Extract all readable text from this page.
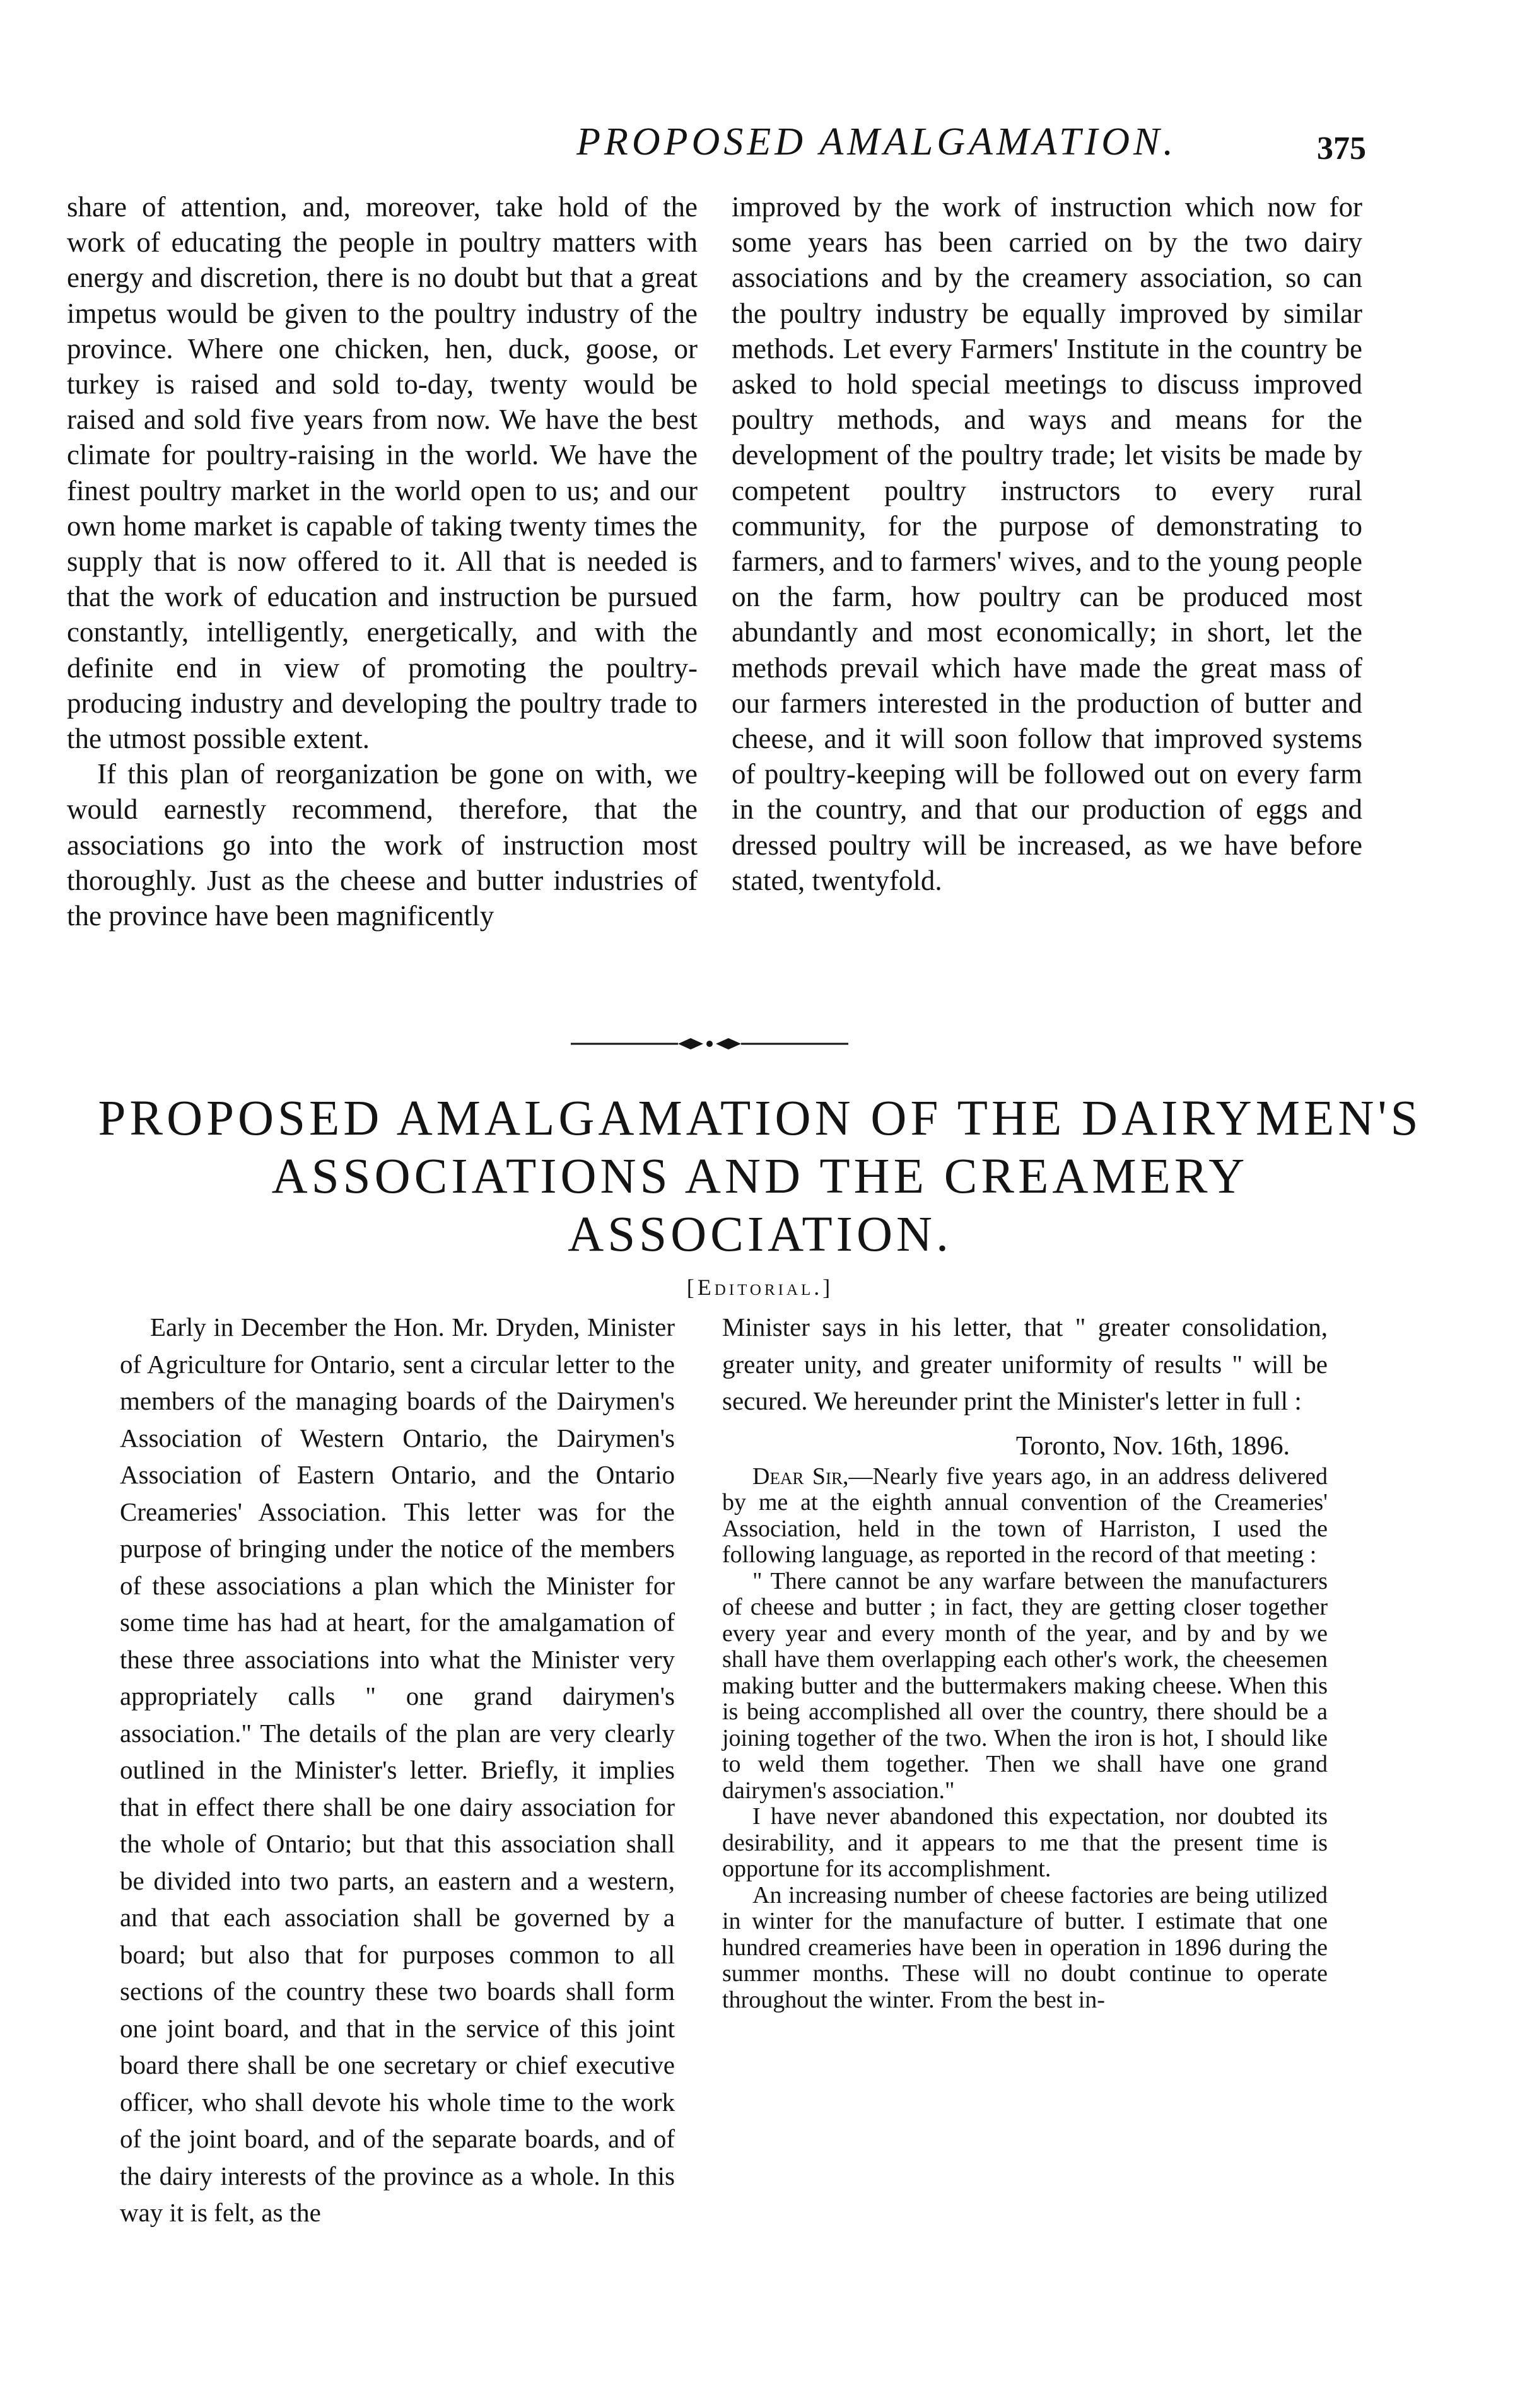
PROPOSED AMALGAMATION.	375

share of attention, and, moreover, take hold of the work of educating the people in poultry matters with energy and discretion, there is no doubt but that a great impetus would be given to the poultry industry of the province. Where one chicken, hen, duck, goose, or turkey is raised and sold to-day, twenty would be raised and sold five years from now. We have the best climate for poultry-raising in the world. We have the finest poultry market in the world open to us; and our own home market is capable of taking twenty times the supply that is now offered to it. All that is needed is that the work of education and instruction be pursued constantly, intelligently, energetically, and with the definite end in view of promoting the poultry-producing industry and developing the poultry trade to the utmost possible extent.

If this plan of reorganization be gone on with, we would earnestly recommend, therefore, that the associations go into the work of instruction most thoroughly. Just as the cheese and butter industries of the province have been magnificently

improved by the work of instruction which now for some years has been carried on by the two dairy associations and by the creamery association, so can the poultry industry be equally improved by similar methods. Let every Farmers' Institute in the country be asked to hold special meetings to discuss improved poultry methods, and ways and means for the development of the poultry trade; let visits be made by competent poultry instructors to every rural community, for the purpose of demonstrating to farmers, and to farmers' wives, and to the young people on the farm, how poultry can be produced most abundantly and most economically; in short, let the methods prevail which have made the great mass of our farmers interested in the production of butter and cheese, and it will soon follow that improved systems of poultry-keeping will be followed out on every farm in the country, and that our production of eggs and dressed poultry will be increased, as we have before stated, twentyfold.

PROPOSED AMALGAMATION OF THE DAIRYMEN'S ASSOCIATIONS AND THE CREAMERY ASSOCIATION.
[Editorial.]

Early in December the Hon. Mr. Dryden, Minister of Agriculture for Ontario, sent a circular letter to the members of the managing boards of the Dairymen's Association of Western Ontario, the Dairymen's Association of Eastern Ontario, and the Ontario Creameries' Association. This letter was for the purpose of bringing under the notice of the members of these associations a plan which the Minister for some time has had at heart, for the amalgamation of these three associations into what the Minister very appropriately calls " one grand dairymen's association." The details of the plan are very clearly outlined in the Minister's letter. Briefly, it implies that in effect there shall be one dairy association for the whole of Ontario; but that this association shall be divided into two parts, an eastern and a western, and that each association shall be governed by a board; but also that for purposes common to all sections of the country these two boards shall form one joint board, and that in the service of this joint board there shall be one secretary or chief executive officer, who shall devote his whole time to the work of the joint board, and of the separate boards, and of the dairy interests of the province as a whole. In this way it is felt, as the

Minister says in his letter, that " greater consolidation, greater unity, and greater uniformity of results " will be secured. We hereunder print the Minister's letter in full :

Toronto, Nov. 16th, 1896.

Dear Sir,—Nearly five years ago, in an address delivered by me at the eighth annual convention of the Creameries' Association, held in the town of Harriston, I used the following language, as reported in the record of that meeting :

" There cannot be any warfare between the manufacturers of cheese and butter ; in fact, they are getting closer together every year and every month of the year, and by and by we shall have them overlapping each other's work, the cheesemen making butter and the buttermakers making cheese. When this is being accomplished all over the country, there should be a joining together of the two. When the iron is hot, I should like to weld them together. Then we shall have one grand dairymen's association."

I have never abandoned this expectation, nor doubted its desirability, and it appears to me that the present time is opportune for its accomplishment.

An increasing number of cheese factories are being utilized in winter for the manufacture of butter. I estimate that one hundred creameries have been in operation in 1896 during the summer months. These will no doubt continue to operate throughout the winter. From the best in-
